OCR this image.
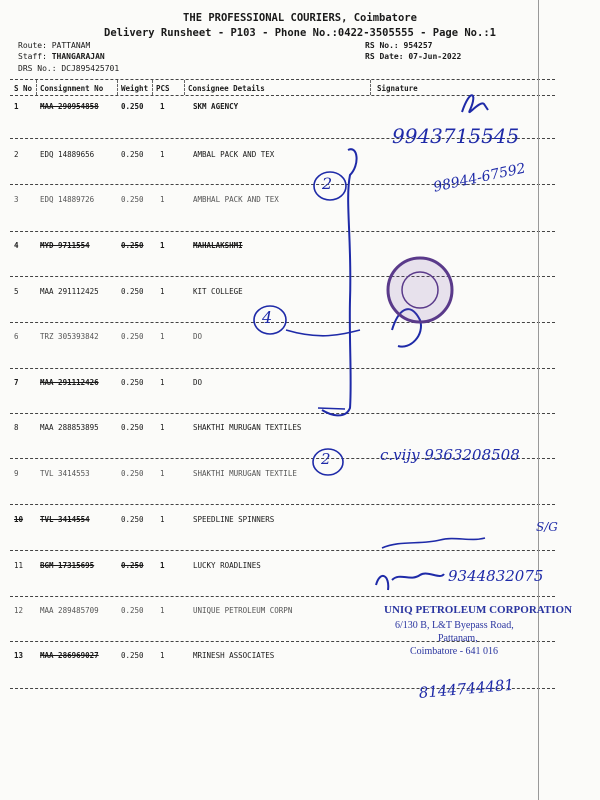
THE PROFESSIONAL COURIERS, Coimbatore
Delivery Runsheet - P103 - Phone No.:0422-3505555 - Page No.:1
Route: PATTANAM
Staff: THANGARAJAN
DRS No.: DCJ895425701
RS No.: 954257
RS Date: 07-Jun-2022
S No Consignment No Weight PCS Consignee Details	Signature
1	MAA 290954858	0.250 1	SKM AGENCY
2	EDQ 14889656	0.250 1	AMBAL PACK AND TEX
3	EDQ 14889726	0.250 1	AMBHAL PACK AND TEX
4	MYD 9711554	0.250 1	MAHALAKSHMI
5	MAA 291112425	0.250 1	KIT COLLEGE
6	TRZ 305393842	0.250 1	DO
7	MAA 291112426	0.250 1	DO
8	MAA 288853895	0.250 1	SHAKTHI MURUGAN TEXTILES
9	TVL 3414553	0.250 1	SHAKTHI MURUGAN TEXTILE
10 TVL 3414554	0.250 1	SPEEDLINE SPINNERS
11 BGM 17315695	0.250 1	LUCKY ROADLINES
12 MAA 289485709	0.250 1	UNIQUE PETROLEUM CORPN
13 MAA 286969027	0.250 1	MRINESH ASSOCIATES
9943715545
98944-67592
2
4
2	c.vijy 9363208508
S/G
9344832075
8144744481
UNIQ PETROLEUM CORPORATION
6/130 B, L&T Byepass Road,
Pattanam,
Coimbatore - 641 016
